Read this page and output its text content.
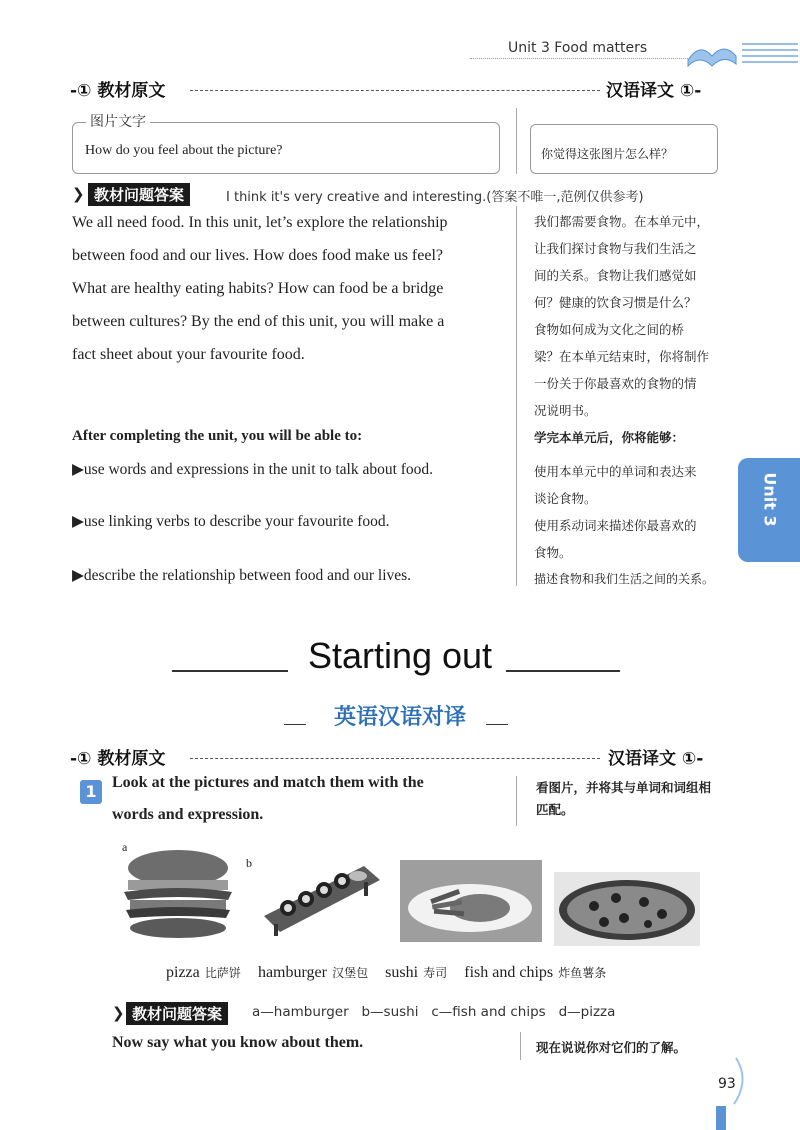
Unit 3 Food matters
-① 教材原文	汉语译文 ①-
How do you feel about the picture?
图片文字
你觉得这张图片怎么样？
❯ 教材问题答案	I think it's very creative and interesting.(答案不唯一,范例仅供参考)
We all need food. In this unit, let’s explore the relationship
between food and our lives. How does food make us feel?
What are healthy eating habits? How can food be a bridge
between cultures? By the end of this unit, you will make a
fact sheet about your favourite food.
我们都需要食物。在本单元中，
让我们探讨食物与我们生活之
间的关系。食物让我们感觉如
何？健康的饮食习惯是什么？
食物如何成为文化之间的桥
梁？在本单元结束时，你将制作
一份关于你最喜欢的食物的情
况说明书。
After completing the unit, you will be able to:	学完本单元后，你将能够：
▶use words and expressions in the unit to talk about food.	使用本单元中的单词和表达来
谈论食物。
▶use linking verbs to describe your favourite food.	使用系动词来描述你最喜欢的
食物。
▶describe the relationship between food and our lives.	描述食物和我们生活之间的关系。
Unit 3
Starting out
英语汉语对译
-① 教材原文	汉语译文 ①-
1 Look at the pictures and match them with the
words and expression.
看图片，并将其与单词和词组相
匹配。
a
b
pizza 比萨饼 hamburger 汉堡包 sushi 寿司 fish and chips 炸鱼薯条
❯ 教材问题答案	a—hamburger   b—sushi   c—fish and chips   d—pizza
Now say what you know about them.	现在说说你对它们的了解。
93
